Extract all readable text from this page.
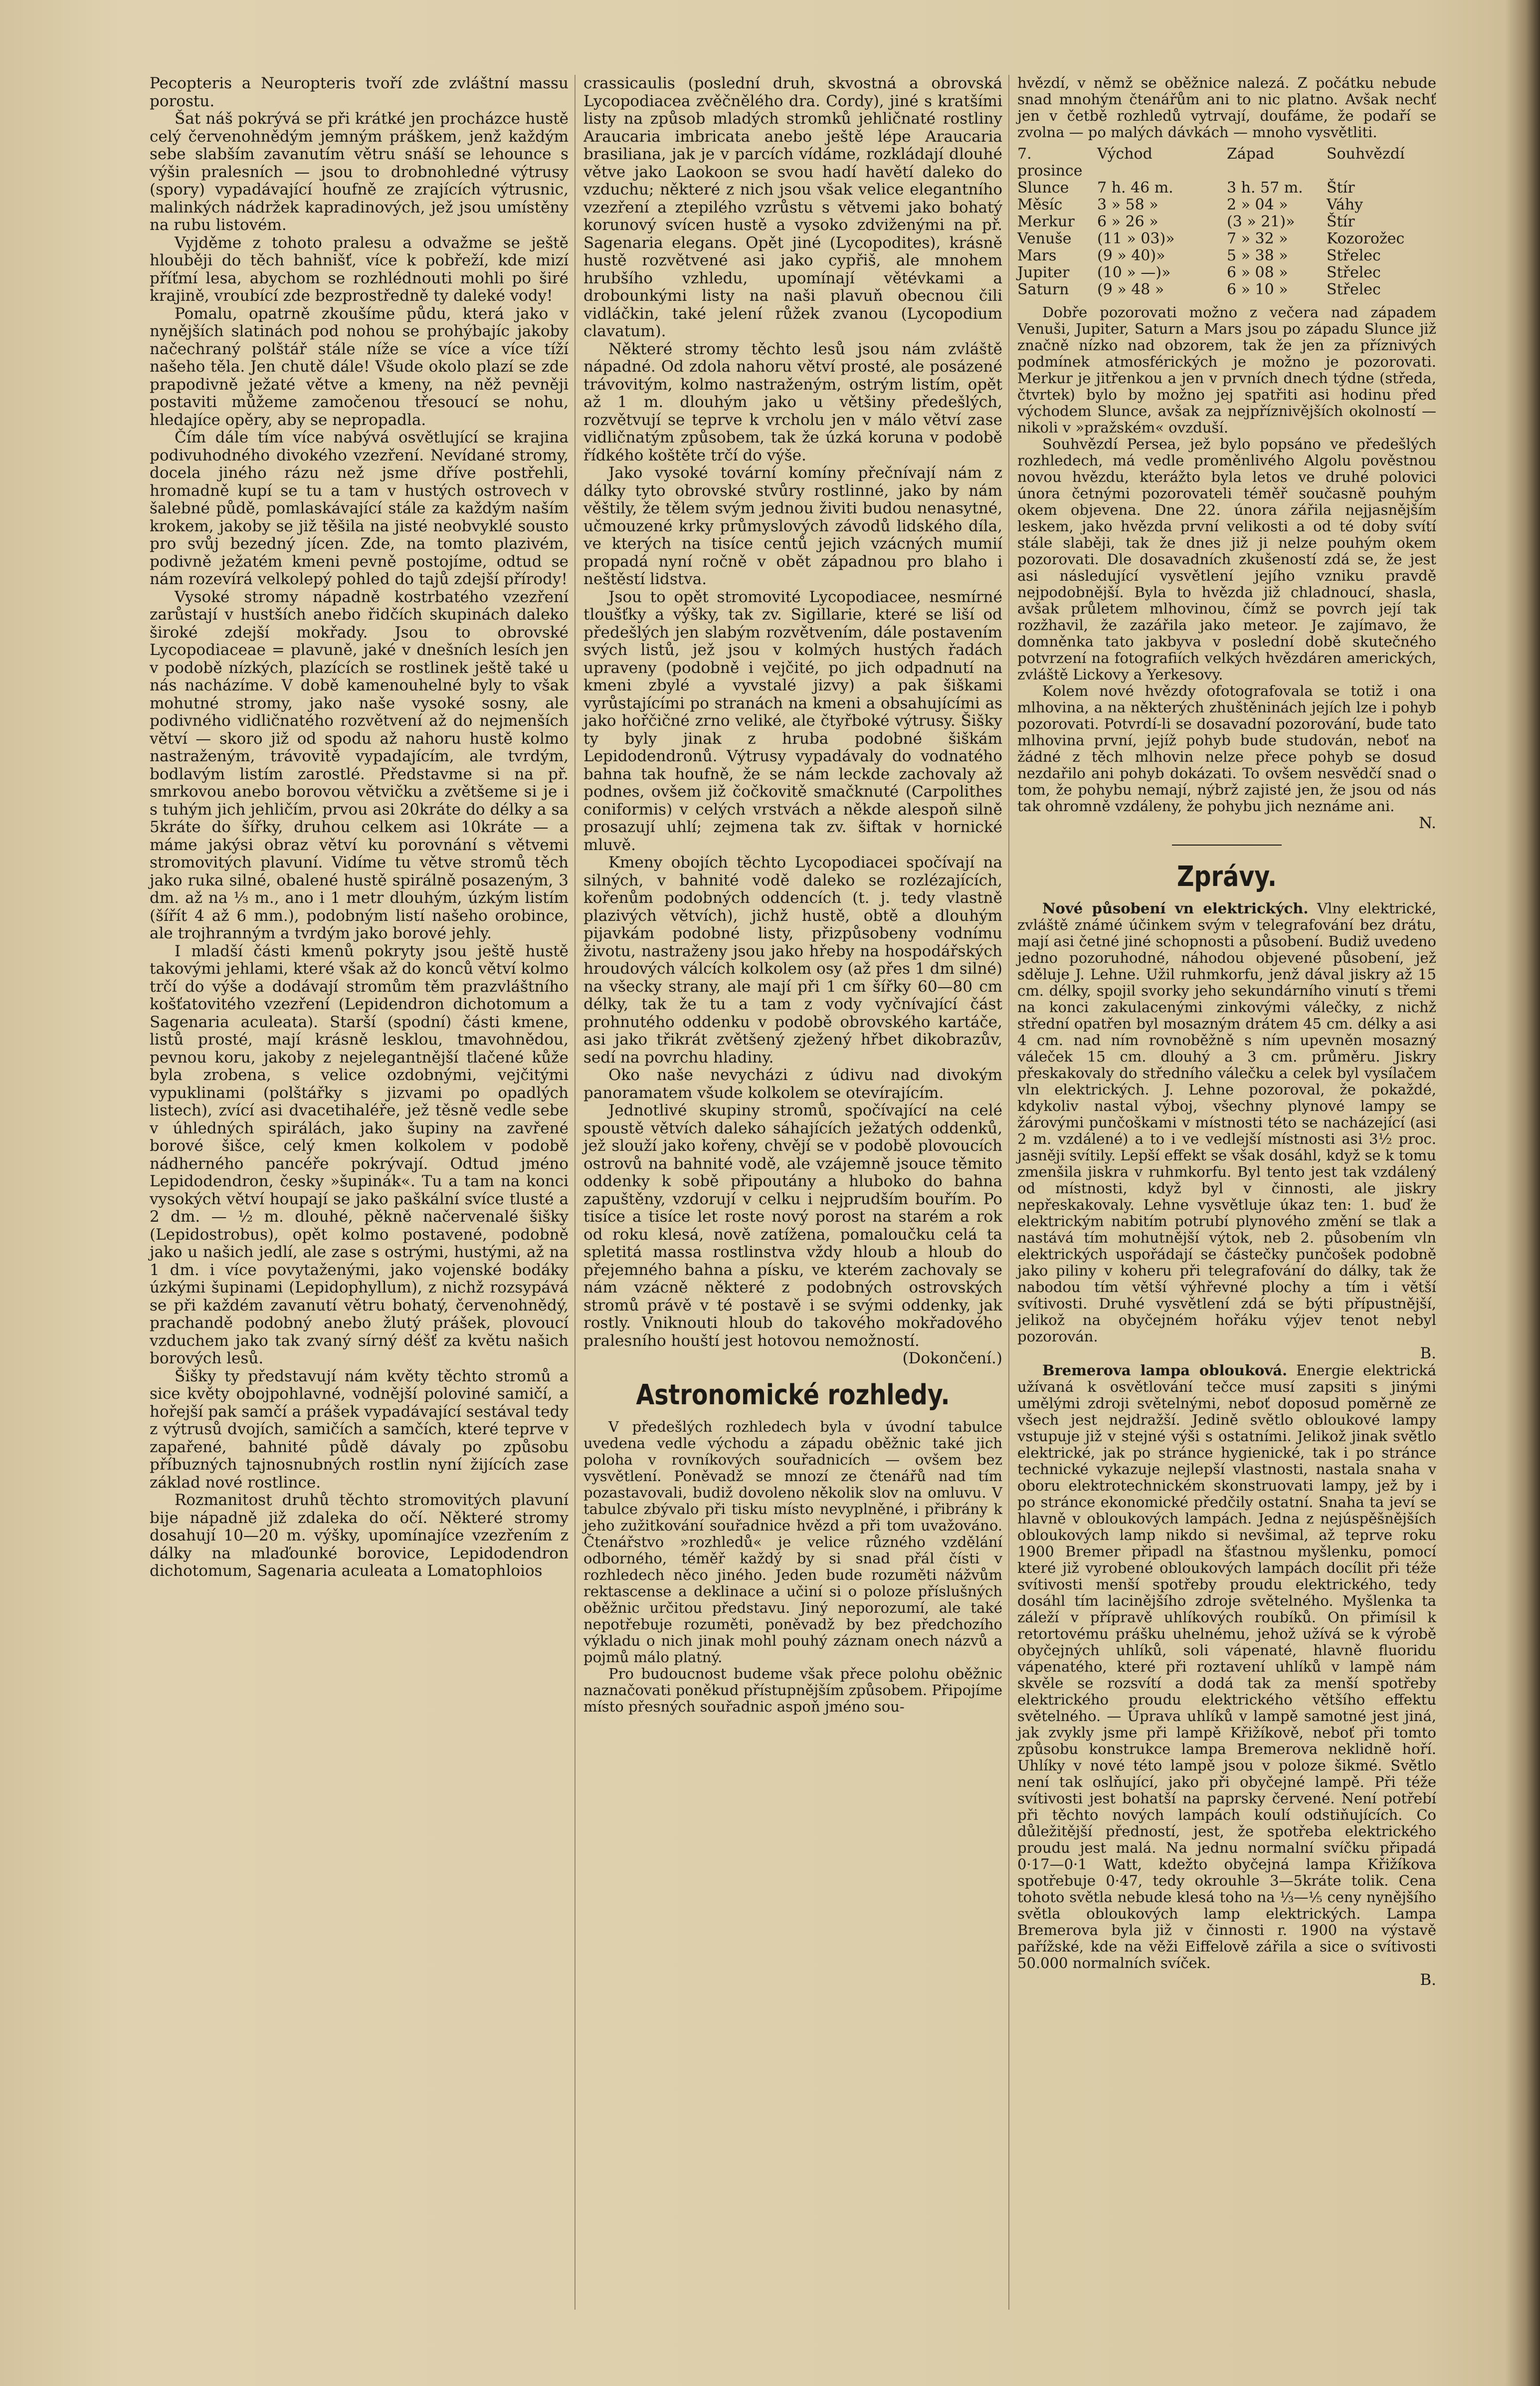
Pecopteris a Neuropteris tvoří zde zvláštní massu porostu.

Šat náš pokrývá se při krátké jen procházce hustě celý červenohnědým jemným práškem, jenž každým sebe slabším zavanutím větru snáší se lehounce s výšin pralesních — jsou to drobnohledné výtrusy (spory) vypadávající houfně ze zrajících výtrusnic, malinkých nádržek kapradinových, jež jsou umístěny na rubu listovém.

Vyjděme z tohoto pralesu a odvažme se ještě hlouběji do těch bahnišť, více k pobřeží, kde mizí příťmí lesa, abychom se rozhlédnouti mohli po širé krajině, vroubící zde bezprostředně ty daleké vody!

Pomalu, opatrně zkoušíme půdu, která jako v nynějších slatinách pod nohou se prohýbajíc jakoby načechraný polštář stále níže se více a více tíží našeho těla. Jen chutě dále! Všude okolo plazí se zde prapodivně ježaté větve a kmeny, na něž pevněji postaviti můžeme zamočenou třesoucí se nohu, hledajíce opěry, aby se nepropadla.

Čím dále tím více nabývá osvětlující se krajina podivuhodného divokého vzezření. Nevídané stromy, docela jiného rázu než jsme dříve postřehli, hromadně kupí se tu a tam v hustých ostrovech v šalebné půdě, pomlaskávající stále za každým naším krokem, jakoby se již těšila na jisté neobvyklé sousto pro svůj bezedný jícen. Zde, na tomto plazivém, podivně ježatém kmeni pevně postojíme, odtud se nám rozevírá velkolepý pohled do tajů zdejší přírody!

Vysoké stromy nápadně kostrbatého vzezření zarůstají v hustších anebo řidčích skupinách daleko široké zdejší mokřady. Jsou to obrovské Lycopodiaceae = plavuně, jaké v dnešních lesích jen v podobě nízkých, plazících se rostlinek ještě také u nás nacházíme. V době kamenouhelné byly to však mohutné stromy, jako naše vysoké sosny, ale podivného vidličnatého rozvětvení až do nejmenších větví — skoro již od spodu až nahoru hustě kolmo nastraženým, trávovitě vypadajícím, ale tvrdým, bodlavým listím zarostlé. Představme si na př. smrkovou anebo borovou větvičku a zvětšeme si je i s tuhým jich jehličím, prvou asi 20kráte do délky a sa 5kráte do šířky, druhou celkem asi 10kráte — a máme jakýsi obraz větví ku porovnání s větvemi stromovitých plavuní. Vidíme tu větve stromů těch jako ruka silné, obalené hustě spirálně posazeným, 3 dm. až na ⅓ m., ano i 1 metr dlouhým, úzkým listím (šířít 4 až 6 mm.), podobným listí našeho orobince, ale trojhranným a tvrdým jako borové jehly.

I mladší části kmenů pokryty jsou ještě hustě takovými jehlami, které však až do konců větví kolmo trčí do výše a dodávají stromům těm prazvláštního košťatovitého vzezření (Lepidendron dichotomum a Sagenaria aculeata). Starší (spodní) části kmene, listů prosté, mají krásně lesklou, tmavohnědou, pevnou koru, jakoby z nejelegantnější tlačené kůže byla zrobena, s velice ozdobnými, vejčitými vypuklinami (polštářky s jizvami po opadlých listech), zvící asi dvacetihaléře, jež těsně vedle sebe v úhledných spirálách, jako šupiny na zavřené borové šišce, celý kmen kolkolem v podobě nádherného pancéře pokrývají. Odtud jméno Lepidodendron, česky »šupinák«. Tu a tam na konci vysokých větví houpají se jako paškální svíce tlusté a 2 dm. — ½ m. dlouhé, pěkně načervenalé šišky (Lepidostrobus), opět kolmo postavené, podobně jako u našich jedlí, ale zase s ostrými, hustými, až na 1 dm. i více povytaženými, jako vojenské bodáky úzkými šupinami (Lepidophyllum), z nichž rozsypává se při každém zavanutí větru bohatý, červenohnědý, prachandě podobný anebo žlutý prášek, plovoucí vzduchem jako tak zvaný sírný déšť za květu našich borových lesů.

Šišky ty představují nám květy těchto stromů a sice květy obojpohlavné, vodnější poloviné samičí, a hořejší pak samčí a prášek vypadávající sestával tedy z výtrusů dvojích, samičích a samčích, které teprve v zapařené, bahnité půdě dávaly po způsobu příbuzných tajnosnubných rostlin nyní žijících zase základ nové rostlince.

Rozmanitost druhů těchto stromovitých plavuní bije nápadně již zdaleka do očí. Některé stromy dosahují 10—20 m. výšky, upomínajíce vzezřením z dálky na mlaďounké borovice, Lepidodendron dichotomum, Sagenaria aculeata a Lomatophloios

crassicaulis (poslední druh, skvostná a obrovská Lycopodiacea zvěčnělého dra. Cordy), jiné s kratšími listy na způsob mladých stromků jehličnaté rostliny Araucaria imbricata anebo ještě lépe Araucaria brasiliana, jak je v parcích vídáme, rozkládají dlouhé větve jako Laokoon se svou hadí havětí daleko do vzduchu; některé z nich jsou však velice elegantního vzezření a ztepilého vzrůstu s větvemi jako bohatý korunový svícen hustě a vysoko zdviženými na př. Sagenaria elegans. Opět jiné (Lycopodites), krásně hustě rozvětvené asi jako cypřiš, ale mnohem hrubšího vzhledu, upomínají větévkami a drobounkými listy na naši plavuň obecnou čili vidláčkin, také jelení růžek zvanou (Lycopodium clavatum).

Některé stromy těchto lesů jsou nám zvláště nápadné. Od zdola nahoru větví prosté, ale posázené trávovitým, kolmo nastraženým, ostrým listím, opět až 1 m. dlouhým jako u většiny předešlých, rozvětvují se teprve k vrcholu jen v málo větví zase vidličnatým způsobem, tak že úzká koruna v podobě řídkého koštěte trčí do výše.

Jako vysoké tovární komíny přečnívají nám z dálky tyto obrovské stvůry rostlinné, jako by nám věštily, že tělem svým jednou živiti budou nenasytné, učmouzené krky průmyslových závodů lidského díla, ve kterých na tisíce centů jejich vzácných mumií propadá nyní ročně v obět západnou pro blaho i neštěstí lidstva.

Jsou to opět stromovité Lycopodiacee, nesmírné tloušťky a výšky, tak zv. Sigillarie, které se liší od předešlých jen slabým rozvětvením, dále postavením svých listů, jež jsou v kolmých hustých řadách upraveny (podobně i vejčité, po jich odpadnutí na kmeni zbylé a vyvstalé jizvy) a pak šiškami vyrůstajícími po stranách na kmeni a obsahujícími as jako hořčičné zrno veliké, ale čtyřboké výtrusy. Šišky ty byly jinak z hruba podobné šiškám Lepidodendronů. Výtrusy vypadávaly do vodnatého bahna tak houfně, že se nám leckde zachovaly až podnes, ovšem již čočkovitě smačknuté (Carpolithes coniformis) v celých vrstvách a někde alespoň silně prosazují uhlí; zejmena tak zv. šiftak v hornické mluvě.

Kmeny obojích těchto Lycopodiacei spočívají na silných, v bahnité vodě daleko se rozlézajících, kořenům podobných oddencích (t. j. tedy vlastně plazivých větvích), jichž hustě, obtě a dlouhým pijavkám podobné listy, přizpůsobeny vodnímu životu, nastraženy jsou jako hřeby na hospodářských hroudových válcích kolkolem osy (až přes 1 dm silné) na všecky strany, ale mají při 1 cm šířky 60—80 cm délky, tak že tu a tam z vody vyčnívající část prohnutého oddenku v podobě obrovského kartáče, asi jako třikrát zvětšený zježený hřbet dikobrazův, sedí na povrchu hladiny.

Oko naše nevycházi z údivu nad divokým panoramatem všude kolkolem se otevírajícím.

Jednotlivé skupiny stromů, spočívající na celé spoustě větvích daleko sáhajících ježatých oddenků, jež slouží jako kořeny, chvějí se v podobě plovoucích ostrovů na bahnité vodě, ale vzájemně jsouce těmito oddenky k sobě připoutány a hluboko do bahna zapuštěny, vzdorují v celku i nejprudším bouřím. Po tisíce a tisíce let roste nový porost na starém a rok od roku klesá, nově zatížena, pomaloučku celá ta spletitá massa rostlinstva vždy hloub a hloub do přejemného bahna a písku, ve kterém zachovaly se nám vzácně některé z podobných ostrovských stromů právě v té postavě i se svými oddenky, jak rostly. Vniknouti hloub do takového mokřadového pralesního houští jest hotovou nemožností.

(Dokončení.)
Astronomické rozhledy.

V předešlých rozhledech byla v úvodní tabulce uvedena vedle východu a západu oběžnic také jich poloha v rovníkových souřadnicích — ovšem bez vysvětlení. Poněvadž se mnozí ze čtenářů nad tím pozastavovali, budiž dovoleno několik slov na omluvu. V tabulce zbývalo při tisku místo nevyplněné, i přibrány k jeho zužitkování souřadnice hvězd a při tom uvažováno. Čtenářstvo »rozhledů« je velice různého vzdělání odborného, téměř každý by si snad přál čísti v rozhledech něco jiného. Jeden bude rozuměti nážvům rektascense a deklinace a učiní si o poloze příslušných oběžnic určitou představu. Jiný neporozumí, ale také nepotřebuje rozuměti, poněvadž by bez předchozího výkladu o nich jinak mohl pouhý záznam onech názvů a pojmů málo platný.

Pro budoucnost budeme však přece polohu oběžnic naznačovati poněkud přístupnějším způsobem. Připojíme místo přesných souřadnic aspoň jméno sou-

hvězdí, v němž se oběžnice nalezá. Z počátku nebude snad mnohým čtenářům ani to nic platno. Avšak nechť jen v četbě rozhledů vytrvají, doufáme, že podaří se zvolna — po malých dávkách — mnoho vysvětliti.

7. prosince
Východ	Západ	Souhvězdí
Slunce	7 h. 46 m.	3 h. 57 m.	Štír
Měsíc	3 » 58 »	2 » 04 »	Váhy
Merkur	6 » 26 »	(3 » 21)»	Štír
Venuše	(11 » 03)»	7 » 32 »	Kozorožec
Mars	(9 » 40)»	5 » 38 »	Střelec
Jupiter	(10 » —)»	6 » 08 »	Střelec
Saturn	(9 » 48 »	6 » 10 »	Střelec

Dobře pozorovati možno z večera nad západem Venuši, Jupiter, Saturn a Mars jsou po západu Slunce již značně nízko nad obzorem, tak že jen za příznivých podmínek atmosférických je možno je pozorovati. Merkur je jitřenkou a jen v prvních dnech týdne (středa, čtvrtek) bylo by možno jej spatřiti asi hodinu před východem Slunce, avšak za nejpříznivějších okolností — nikoli v »pražském« ovzduší.

Souhvězdí Persea, jež bylo popsáno ve předešlých rozhledech, má vedle proměnlivého Algolu pověstnou novou hvězdu, kterážto byla letos ve druhé polovici února četnými pozorovateli téměř současně pouhým okem objevena. Dne 22. února zářila nejjasnějším leskem, jako hvězda první velikosti a od té doby svítí stále slaběji, tak že dnes již ji nelze pouhým okem pozorovati. Dle dosavadních zkušeností zdá se, že jest asi následující vysvětlení jejího vzniku pravdě nejpodobnější. Byla to hvězda již chladnoucí, shasla, avšak průletem mlhovinou, čímž se povrch její tak rozžhavil, že zazářila jako meteor. Je zajímavo, že domněnka tato jakbyva v poslední době skutečného potvrzení na fotografiích velkých hvězdáren amerických, zvláště Lickovy a Yerkesovy.

Kolem nové hvězdy ofotografovala se totiž i ona mlhovina, a na některých zhuštěninách jejích lze i pohyb pozorovati. Potvrdí-li se dosavadní pozorování, bude tato mlhovina první, jejíž pohyb bude studován, neboť na žádné z těch mlhovin nelze přece pohyb se dosud nezdařilo ani pohyb dokázati. To ovšem nesvědčí snad o tom, že pohybu nemají, nýbrž zajisté jen, že jsou od nás tak ohromně vzdáleny, že pohybu jich neznáme ani.

N.
Zprávy.

Nové působení vn elektrických. Vlny elektrické, zvláště známé účinkem svým v telegrafování bez drátu, mají asi četné jiné schopnosti a působení. Budiž uvedeno jedno pozoruhodné, náhodou objevené působení, jež sděluje J. Lehne. Užil ruhmkorfu, jenž dával jiskry až 15 cm. délky, spojil svorky jeho sekundárního vinutí s třemi na konci zakulacenými zinkovými válečky, z nichž střední opatřen byl mosazným drátem 45 cm. délky a asi 4 cm. nad ním rovnoběžně s ním upevněn mosazný váleček 15 cm. dlouhý a 3 cm. průměru. Jiskry přeskakovaly do středního válečku a celek byl vysílačem vln elektrických. J. Lehne pozoroval, že pokaždé, kdykoliv nastal výboj, všechny plynové lampy se žárovými punčoškami v místnosti této se nacházející (asi 2 m. vzdálené) a to i ve vedlejší místnosti asi 3½ proc. jasněji svítily. Lepší effekt se však dosáhl, když se k tomu zmenšila jiskra v ruhmkorfu. Byl tento jest tak vzdálený od místnosti, když byl v činnosti, ale jiskry nepřeskakovaly. Lehne vysvětluje úkaz ten: 1. buď že elektrickým nabitím potrubí plynového změní se tlak a nastává tím mohutnější výtok, neb 2. působením vln elektrických uspořádají se částečky punčošek podobně jako piliny v koheru při telegrafování do dálky, tak že nabodou tím větší výhřevné plochy a tím i větší svítivosti. Druhé vysvětlení zdá se býti přípustnější, jelikož na obyčejném hořáku výjev tenot nebyl pozorován.

B.

Bremerova lampa oblouková. Energie elektrická užívaná k osvětlování tečce musí zapsiti s jinými umělými zdroji světelnými, neboť doposud poměrně ze všech jest nejdražší. Jedině světlo obloukové lampy vstupuje již v stejné výši s ostatními. Jelikož jinak světlo elektrické, jak po stránce hygienické, tak i po stránce technické vykazuje nejlepší vlastnosti, nastala snaha v oboru elektrotechnickém skonstruovati lampy, jež by i po stránce ekonomické předčily ostatní. Snaha ta jeví se hlavně v obloukových lampách. Jedna z nejúspěšnějších obloukových lamp nikdo si nevšimal, až teprve roku 1900 Bremer připadl na šťastnou myšlenku, pomocí které již vyrobené obloukových lampách docílit při téže svítivosti menší spotřeby proudu elektrického, tedy dosáhl tím lacinějšího zdroje světelného. Myšlenka ta záleží v přípravě uhlíkových roubíků. On přimísil k retortovému prášku uhelnému, jehož užívá se k výrobě obyčejných uhlíků, soli vápenaté, hlavně fluoridu vápenatého, které při roztavení uhlíků v lampě nám skvěle se rozsvítí a dodá tak za menší spotřeby elektrického proudu elektrického většího effektu světelného. — Úprava uhlíků v lampě samotné jest jiná, jak zvykly jsme při lampě Křižíkově, neboť při tomto způsobu konstrukce lampa Bremerova neklidně hoří. Uhlíky v nové této lampě jsou v poloze šikmé. Světlo není tak oslňující, jako při obyčejné lampě. Při téže svítivosti jest bohatší na paprsky červené. Není potřebí při těchto nových lampách koulí odstiňujících. Co důležitější předností, jest, že spotřeba elektrického proudu jest malá. Na jednu normalní svíčku připadá 0·17—0·1 Watt, kdežto obyčejná lampa Křižíkova spotřebuje 0·47, tedy okrouhle 3—5kráte tolik. Cena tohoto světla nebude klesá toho na ⅓—⅕ ceny nynějšího světla obloukových lamp elektrických. Lampa Bremerova byla již v činnosti r. 1900 na výstavě pařížské, kde na věži Eiffelově zářila a sice o svítivosti 50.000 normalních svíček.

B.
